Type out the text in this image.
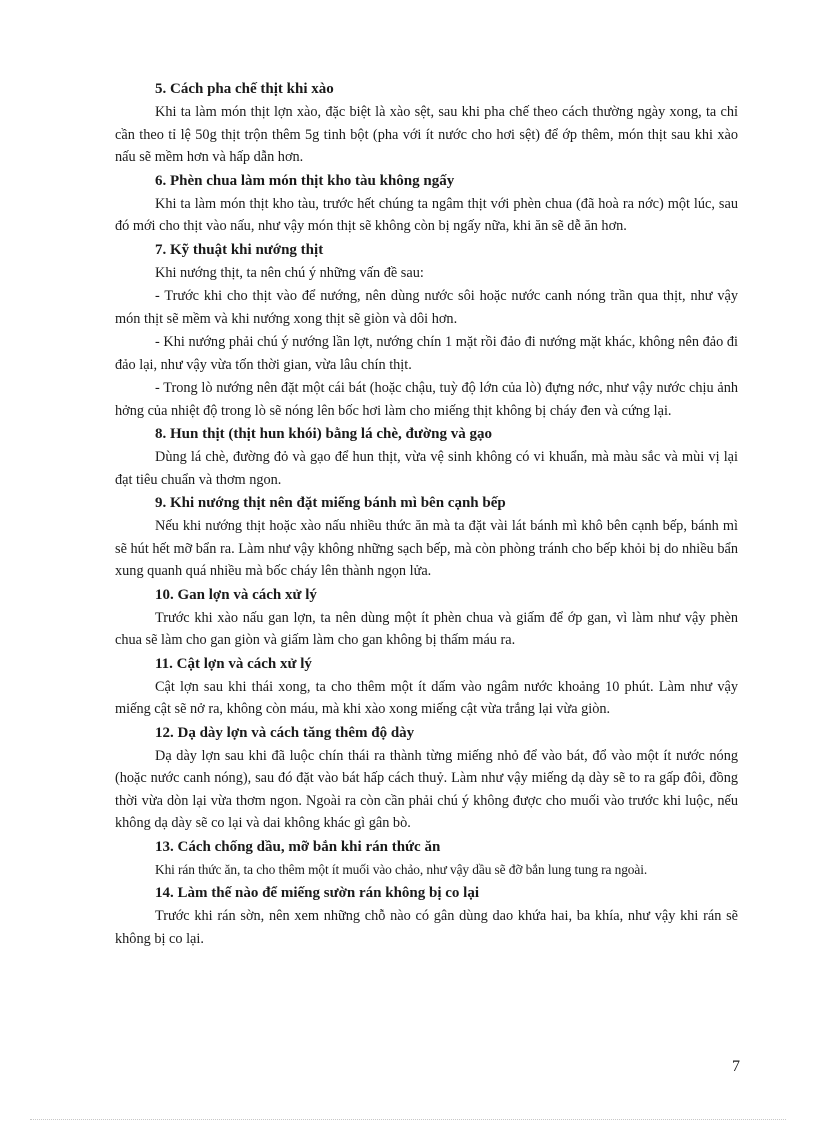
5. Cách pha chế thịt khi xào

Khi ta làm món thịt lợn xào, đặc biệt là xào sệt, sau khi pha chế theo cách thường ngày xong, ta chỉ cần theo tỉ lệ 50g thịt trộn thêm 5g tinh bột (pha với ít nước cho hơi sệt) để ớp thêm, món thịt sau khi xào nấu sẽ mềm hơn và hấp dẫn hơn.

6. Phèn chua làm món thịt kho tàu không ngấy

Khi ta làm món thịt kho tàu, trước hết chúng ta ngâm thịt với phèn chua (đã hoà ra nớc) một lúc, sau đó mới cho thịt vào nấu, như vậy món thịt sẽ không còn bị ngấy nữa, khi ăn sẽ dễ ăn hơn.

7. Kỹ thuật khi nướng thịt

Khi nướng thịt, ta nên chú ý những vấn đề sau:

- Trước khi cho thịt vào để nướng, nên dùng nước sôi hoặc nước canh nóng trần qua thịt, như vậy món thịt sẽ mềm và khi nướng xong thịt sẽ giòn và dôi hơn.

- Khi nướng phải chú ý nướng lần lợt, nướng chín 1 mặt rồi đảo đi nướng mặt khác, không nên đảo đi đảo lại, như vậy vừa tốn thời gian, vừa lâu chín thịt.

- Trong lò nướng nên đặt một cái bát (hoặc chậu, tuỳ độ lớn của lò) đựng nớc, như vậy nước chịu ảnh hởng của nhiệt độ trong lò sẽ nóng lên bốc hơi làm cho miếng thịt không bị cháy đen và cứng lại.

8. Hun thịt (thịt hun khói) bằng lá chè, đường và gạo

Dùng lá chè, đường đỏ và gạo để hun thịt, vừa vệ sinh không có vi khuẩn, mà màu sắc và mùi vị lại đạt tiêu chuẩn và thơm ngon.

9. Khi nướng thịt nên đặt miếng bánh mì bên cạnh bếp

Nếu khi nướng thịt hoặc xào nấu nhiều thức ăn mà ta đặt vài lát bánh mì khô bên cạnh bếp, bánh mì sẽ hút hết mỡ bẩn ra. Làm như vậy không những sạch bếp, mà còn phòng tránh cho bếp khỏi bị do nhiều bẩn xung quanh quá nhiều mà bốc cháy lên thành ngọn lửa.

10. Gan lợn và cách xử lý

Trước khi xào nấu gan lợn, ta nên dùng một ít phèn chua và giấm để ớp gan, vì làm như vậy phèn chua sẽ làm cho gan giòn và giấm làm cho gan không bị thấm máu ra.

11. Cật lợn và cách xử lý

Cật lợn sau khi thái xong, ta cho thêm một ít dấm vào ngâm nước khoảng 10 phút. Làm như vậy miếng cật sẽ nở ra, không còn máu, mà khi xào xong miếng cật vừa trắng lại vừa giòn.

12. Dạ dày lợn và cách tăng thêm độ dày

Dạ dày lợn sau khi đã luộc chín thái ra thành từng miếng nhỏ để vào bát, đổ vào một ít nước nóng (hoặc nước canh nóng), sau đó đặt vào bát hấp cách thuỷ. Làm như vậy miếng dạ dày sẽ to ra gấp đôi, đồng thời vừa dòn lại vừa thơm ngon. Ngoài ra còn cần phải chú ý không được cho muối vào trước khi luộc, nếu không dạ dày sẽ co lại và dai không khác gì gân bò.

13. Cách chống dầu, mỡ bắn khi rán thức ăn

Khi rán thức ăn, ta cho thêm một ít muối vào chảo, như vậy dầu sẽ đỡ bắn lung tung ra ngoài.

14. Làm thế nào để miếng sườn rán không bị co lại

Trước khi rán sờn, nên xem những chỗ nào có gân dùng dao khứa hai, ba khía, như vậy khi rán sẽ không bị co lại.

7
